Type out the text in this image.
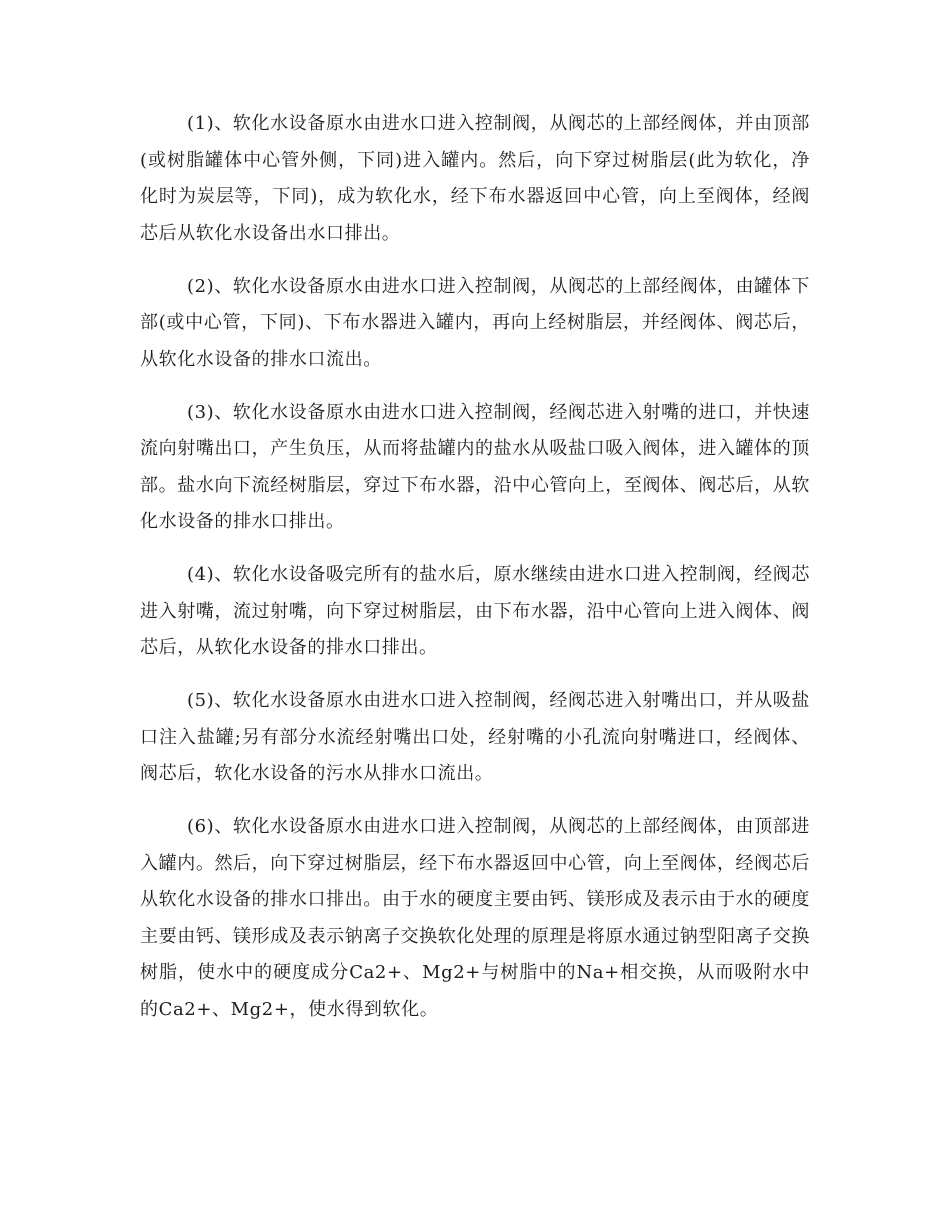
(1)、软化水设备原水由进水口进入控制阀，从阀芯的上部经阀体，并由顶部(或树脂罐体中心管外侧，下同)进入罐内。然后，向下穿过树脂层(此为软化，净化时为炭层等，下同)，成为软化水，经下布水器返回中心管，向上至阀体，经阀芯后从软化水设备出水口排出。

(2)、软化水设备原水由进水口进入控制阀，从阀芯的上部经阀体，由罐体下部(或中心管，下同)、下布水器进入罐内，再向上经树脂层，并经阀体、阀芯后，从软化水设备的排水口流出。

(3)、软化水设备原水由进水口进入控制阀，经阀芯进入射嘴的进口，并快速流向射嘴出口，产生负压，从而将盐罐内的盐水从吸盐口吸入阀体，进入罐体的顶部。盐水向下流经树脂层，穿过下布水器，沿中心管向上，至阀体、阀芯后，从软化水设备的排水口排出。

(4)、软化水设备吸完所有的盐水后，原水继续由进水口进入控制阀，经阀芯进入射嘴，流过射嘴，向下穿过树脂层，由下布水器，沿中心管向上进入阀体、阀芯后，从软化水设备的排水口排出。

(5)、软化水设备原水由进水口进入控制阀，经阀芯进入射嘴出口，并从吸盐口注入盐罐;另有部分水流经射嘴出口处，经射嘴的小孔流向射嘴进口，经阀体、阀芯后，软化水设备的污水从排水口流出。

(6)、软化水设备原水由进水口进入控制阀，从阀芯的上部经阀体，由顶部进入罐内。然后，向下穿过树脂层，经下布水器返回中心管，向上至阀体，经阀芯后从软化水设备的排水口排出。由于水的硬度主要由钙、镁形成及表示由于水的硬度主要由钙、镁形成及表示钠离子交换软化处理的原理是将原水通过钠型阳离子交换树脂，使水中的硬度成分Ca2+、Mg2+与树脂中的Na+相交换，从而吸附水中的Ca2+、Mg2+，使水得到软化。
